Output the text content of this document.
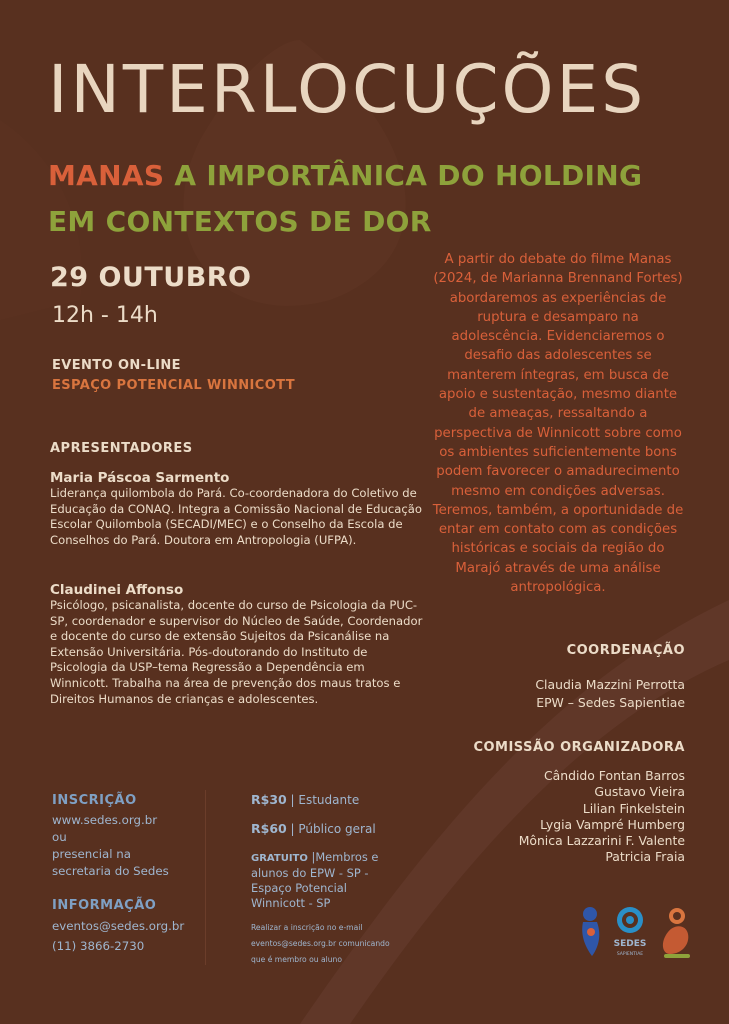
INTERLOCUÇÕES
MANAS A IMPORTÂNICA DO HOLDING
EM CONTEXTOS DE DOR
29 OUTUBRO
12h - 14h
EVENTO ON-LINE
ESPAÇO POTENCIAL WINNICOTT
APRESENTADORES
Maria Páscoa Sarmento
Liderança quilombola do Pará. Co-coordenadora do Coletivo de Educação da CONAQ. Integra a Comissão Nacional de Educação Escolar Quilombola (SECADI/MEC) e o Conselho da Escola de Conselhos do Pará. Doutora em Antropologia (UFPA).
Claudinei Affonso
Psicólogo, psicanalista, docente do curso de Psicologia da PUC-SP, coordenador e supervisor do Núcleo de Saúde, Coordenador e docente do curso de extensão Sujeitos da Psicanálise na Extensão Universitária. Pós-doutorando do Instituto de Psicologia da USP–tema Regressão a Dependência em Winnicott. Trabalha na área de prevenção dos maus tratos e Direitos Humanos de crianças e adolescentes.
A partir do debate do filme Manas (2024, de Marianna Brennand Fortes) abordaremos as experiências de ruptura e desamparo na adolescência. Evidenciaremos o desafio das adolescentes se manterem íntegras, em busca de apoio e sustentação, mesmo diante de ameaças, ressaltando a perspectiva de Winnicott sobre como os ambientes suficientemente bons podem favorecer o amadurecimento mesmo em condições adversas. Teremos, também, a oportunidade de entar em contato com as condições históricas e sociais da região do Marajó através de uma análise antropológica.
COORDENAÇÃO
Claudia Mazzini Perrotta
EPW – Sedes Sapientiae
COMISSÃO ORGANIZADORA
Cândido Fontan Barros
Gustavo Vieira
Lilian Finkelstein
Lygia Vampré Humberg
Mônica Lazzarini F. Valente
Patricia Fraia
INSCRIÇÃO
www.sedes.org.br
ou
presencial na
secretaria do Sedes
INFORMAÇÃO
eventos@sedes.org.br
(11) 3866-2730
R$30 | Estudante
R$60 | Público geral
GRATUITO |Membros e alunos do EPW - SP - Espaço Potencial Winnicott - SP
Realizar a inscrição no e-mail eventos@sedes.org.br comunicando que é membro ou aluno
SEDES
SAPIENTIAE
